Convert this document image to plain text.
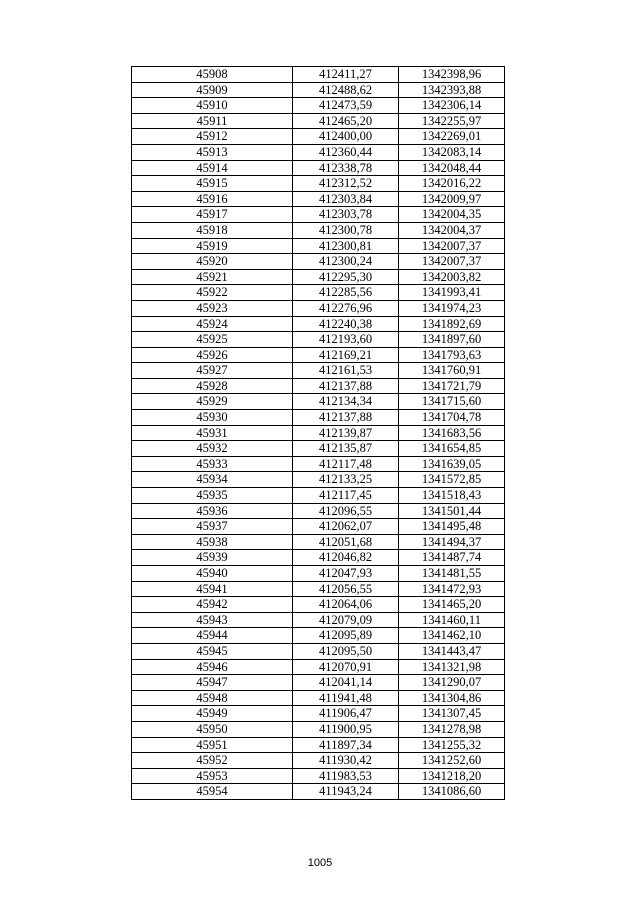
45908	412411,27	1342398,96
45909	412488,62	1342393,88
45910	412473,59	1342306,14
45911	412465,20	1342255,97
45912	412400,00	1342269,01
45913	412360,44	1342083,14
45914	412338,78	1342048,44
45915	412312,52	1342016,22
45916	412303,84	1342009,97
45917	412303,78	1342004,35
45918	412300,78	1342004,37
45919	412300,81	1342007,37
45920	412300,24	1342007,37
45921	412295,30	1342003,82
45922	412285,56	1341993,41
45923	412276,96	1341974,23
45924	412240,38	1341892,69
45925	412193,60	1341897,60
45926	412169,21	1341793,63
45927	412161,53	1341760,91
45928	412137,88	1341721,79
45929	412134,34	1341715,60
45930	412137,88	1341704,78
45931	412139,87	1341683,56
45932	412135,87	1341654,85
45933	412117,48	1341639,05
45934	412133,25	1341572,85
45935	412117,45	1341518,43
45936	412096,55	1341501,44
45937	412062,07	1341495,48
45938	412051,68	1341494,37
45939	412046,82	1341487,74
45940	412047,93	1341481,55
45941	412056,55	1341472,93
45942	412064,06	1341465,20
45943	412079,09	1341460,11
45944	412095,89	1341462,10
45945	412095,50	1341443,47
45946	412070,91	1341321,98
45947	412041,14	1341290,07
45948	411941,48	1341304,86
45949	411906,47	1341307,45
45950	411900,95	1341278,98
45951	411897,34	1341255,32
45952	411930,42	1341252,60
45953	411983,53	1341218,20
45954	411943,24	1341086,60
1005
